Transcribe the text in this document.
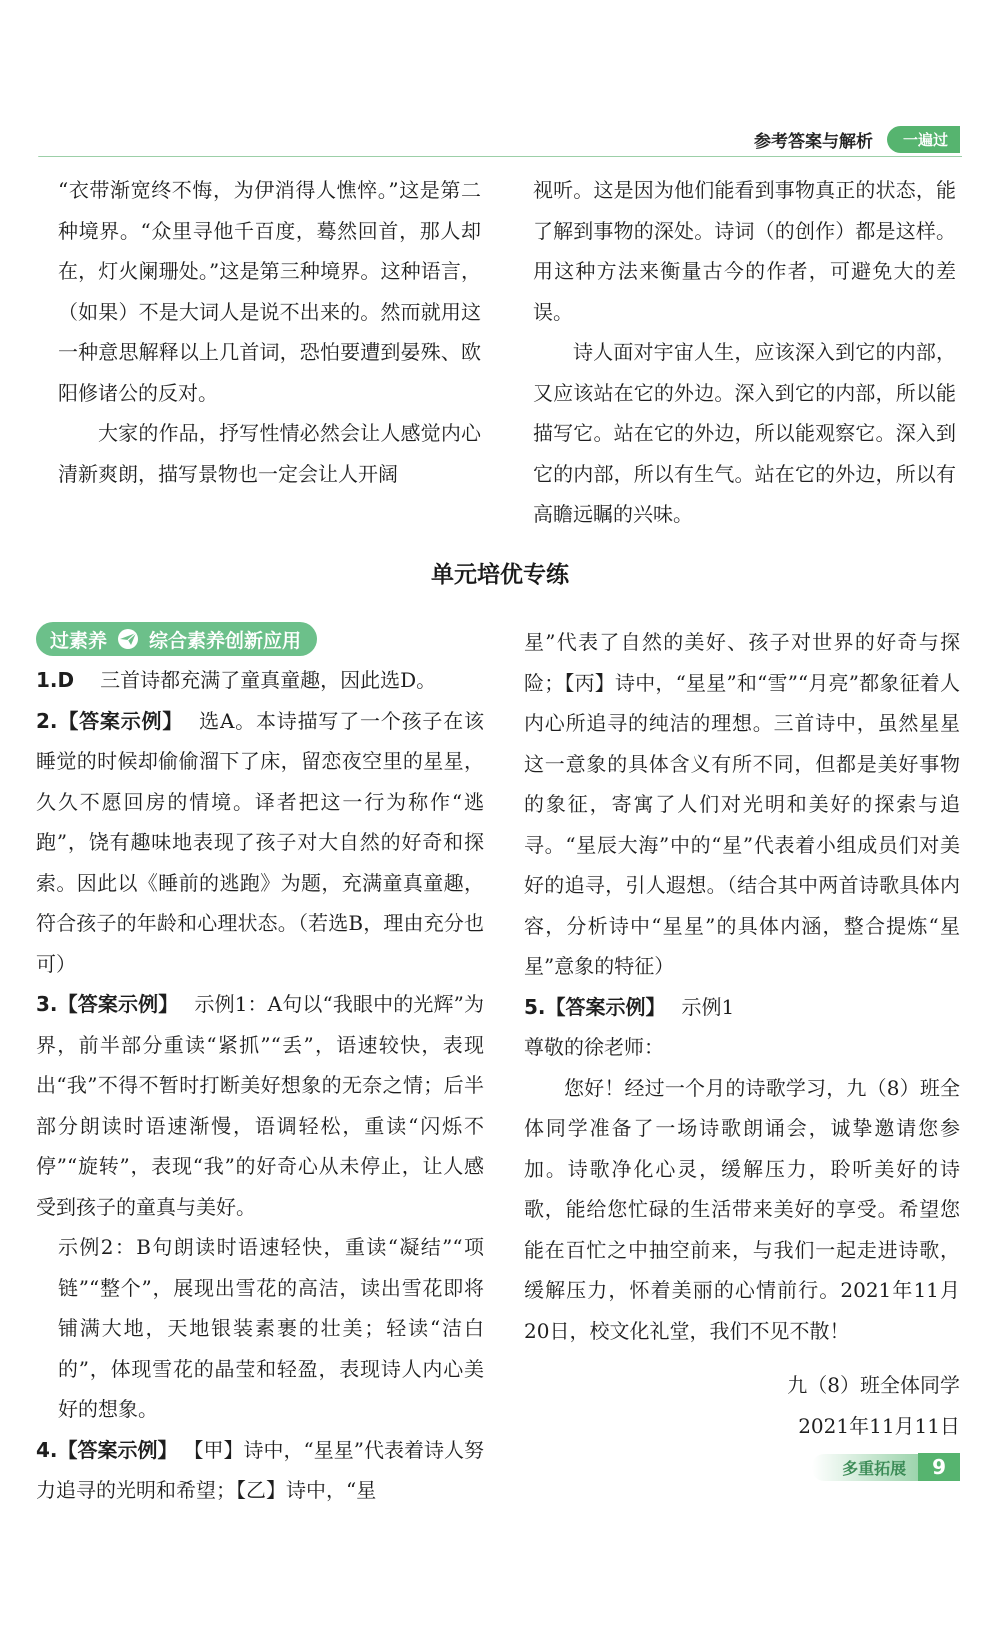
参考答案与解析	一遍过

“衣带渐宽终不悔，为伊消得人憔悴。”这是第二种境界。“众里寻他千百度，蓦然回首，那人却在，灯火阑珊处。”这是第三种境界。这种语言，（如果）不是大词人是说不出来的。然而就用这一种意思解释以上几首词，恐怕要遭到晏殊、欧阳修诸公的反对。

大家的作品，抒写性情必然会让人感觉内心清新爽朗，描写景物也一定会让人开阔

视听。这是因为他们能看到事物真正的状态，能了解到事物的深处。诗词（的创作）都是这样。用这种方法来衡量古今的作者，可避免大的差误。

诗人面对宇宙人生，应该深入到它的内部，又应该站在它的外边。深入到它的内部，所以能描写它。站在它的外边，所以能观察它。深入到它的内部，所以有生气。站在它的外边，所以有高瞻远瞩的兴味。

单元培优专练
过素养	综合素养创新应用

1.D 三首诗都充满了童真童趣，因此选D。

2.【答案示例】 选A。本诗描写了一个孩子在该睡觉的时候却偷偷溜下了床，留恋夜空里的星星，久久不愿回房的情境。译者把这一行为称作“逃跑”，饶有趣味地表现了孩子对大自然的好奇和探索。因此以《睡前的逃跑》为题，充满童真童趣，符合孩子的年龄和心理状态。（若选B，理由充分也可）

3.【答案示例】 示例1：A句以“我眼中的光辉”为界，前半部分重读“紧抓”“丢”，语速较快，表现出“我”不得不暂时打断美好想象的无奈之情；后半部分朗读时语速渐慢，语调轻松，重读“闪烁不停”“旋转”，表现“我”的好奇心从未停止，让人感受到孩子的童真与美好。

示例2：B句朗读时语速轻快，重读“凝结”“项链”“整个”，展现出雪花的高洁，读出雪花即将铺满大地，天地银装素裹的壮美；轻读“洁白的”，体现雪花的晶莹和轻盈，表现诗人内心美好的想象。

4.【答案示例】 【甲】诗中，“星星”代表着诗人努力追寻的光明和希望；【乙】诗中，“星

星”代表了自然的美好、孩子对世界的好奇与探险；【丙】诗中，“星星”和“雪”“月亮”都象征着人内心所追寻的纯洁的理想。三首诗中，虽然星星这一意象的具体含义有所不同，但都是美好事物的象征，寄寓了人们对光明和美好的探索与追寻。“星辰大海”中的“星”代表着小组成员们对美好的追寻，引人遐想。（结合其中两首诗歌具体内容，分析诗中“星星”的具体内涵，整合提炼“星星”意象的特征）

5.【答案示例】 示例1

尊敬的徐老师：

您好！经过一个月的诗歌学习，九（8）班全体同学准备了一场诗歌朗诵会，诚挚邀请您参加。诗歌净化心灵，缓解压力，聆听美好的诗歌，能给您忙碌的生活带来美好的享受。希望您能在百忙之中抽空前来，与我们一起走进诗歌，缓解压力，怀着美丽的心情前行。2021年11月20日，校文化礼堂，我们不见不散！

九（8）班全体同学

2021年11月11日

多重拓展	9
